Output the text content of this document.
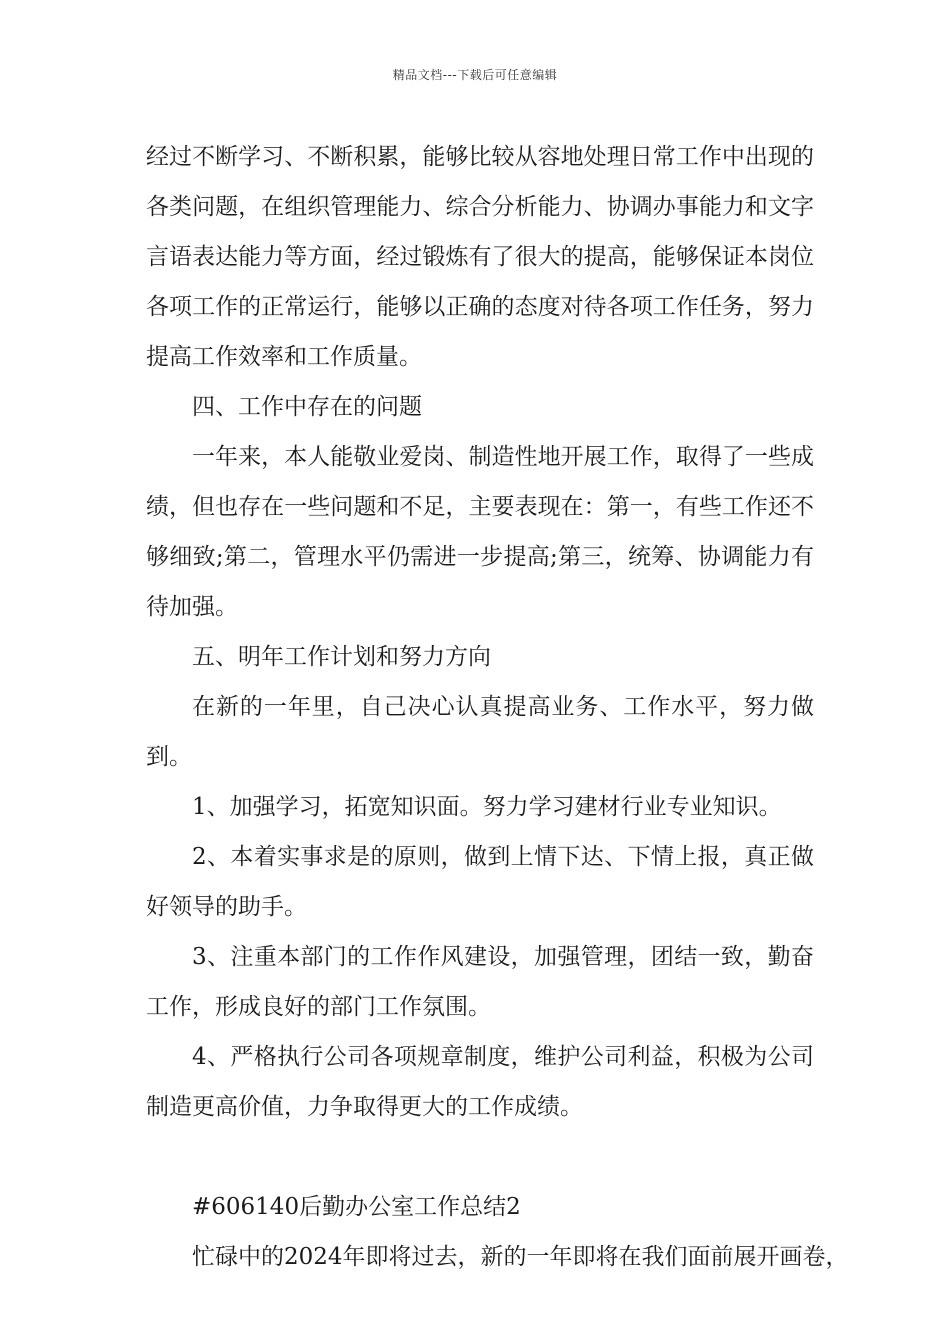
精品文档---下载后可任意编辑

经过不断学习、不断积累，能够比较从容地处理日常工作中出现的各类问题，在组织管理能力、综合分析能力、协调办事能力和文字言语表达能力等方面，经过锻炼有了很大的提高，能够保证本岗位各项工作的正常运行，能够以正确的态度对待各项工作任务，努力提高工作效率和工作质量。

四、工作中存在的问题

一年来，本人能敬业爱岗、制造性地开展工作，取得了一些成绩，但也存在一些问题和不足，主要表现在：第一，有些工作还不够细致;第二，管理水平仍需进一步提高;第三，统筹、协调能力有待加强。

五、明年工作计划和努力方向

在新的一年里，自己决心认真提高业务、工作水平，努力做到。

1、加强学习，拓宽知识面。努力学习建材行业专业知识。

2、本着实事求是的原则，做到上情下达、下情上报，真正做好领导的助手。

3、注重本部门的工作作风建设，加强管理，团结一致，勤奋工作，形成良好的部门工作氛围。

4、严格执行公司各项规章制度，维护公司利益，积极为公司制造更高价值，力争取得更大的工作成绩。

#606140后勤办公室工作总结2

忙碌中的2024年即将过去，新的一年即将在我们面前展开画卷，
